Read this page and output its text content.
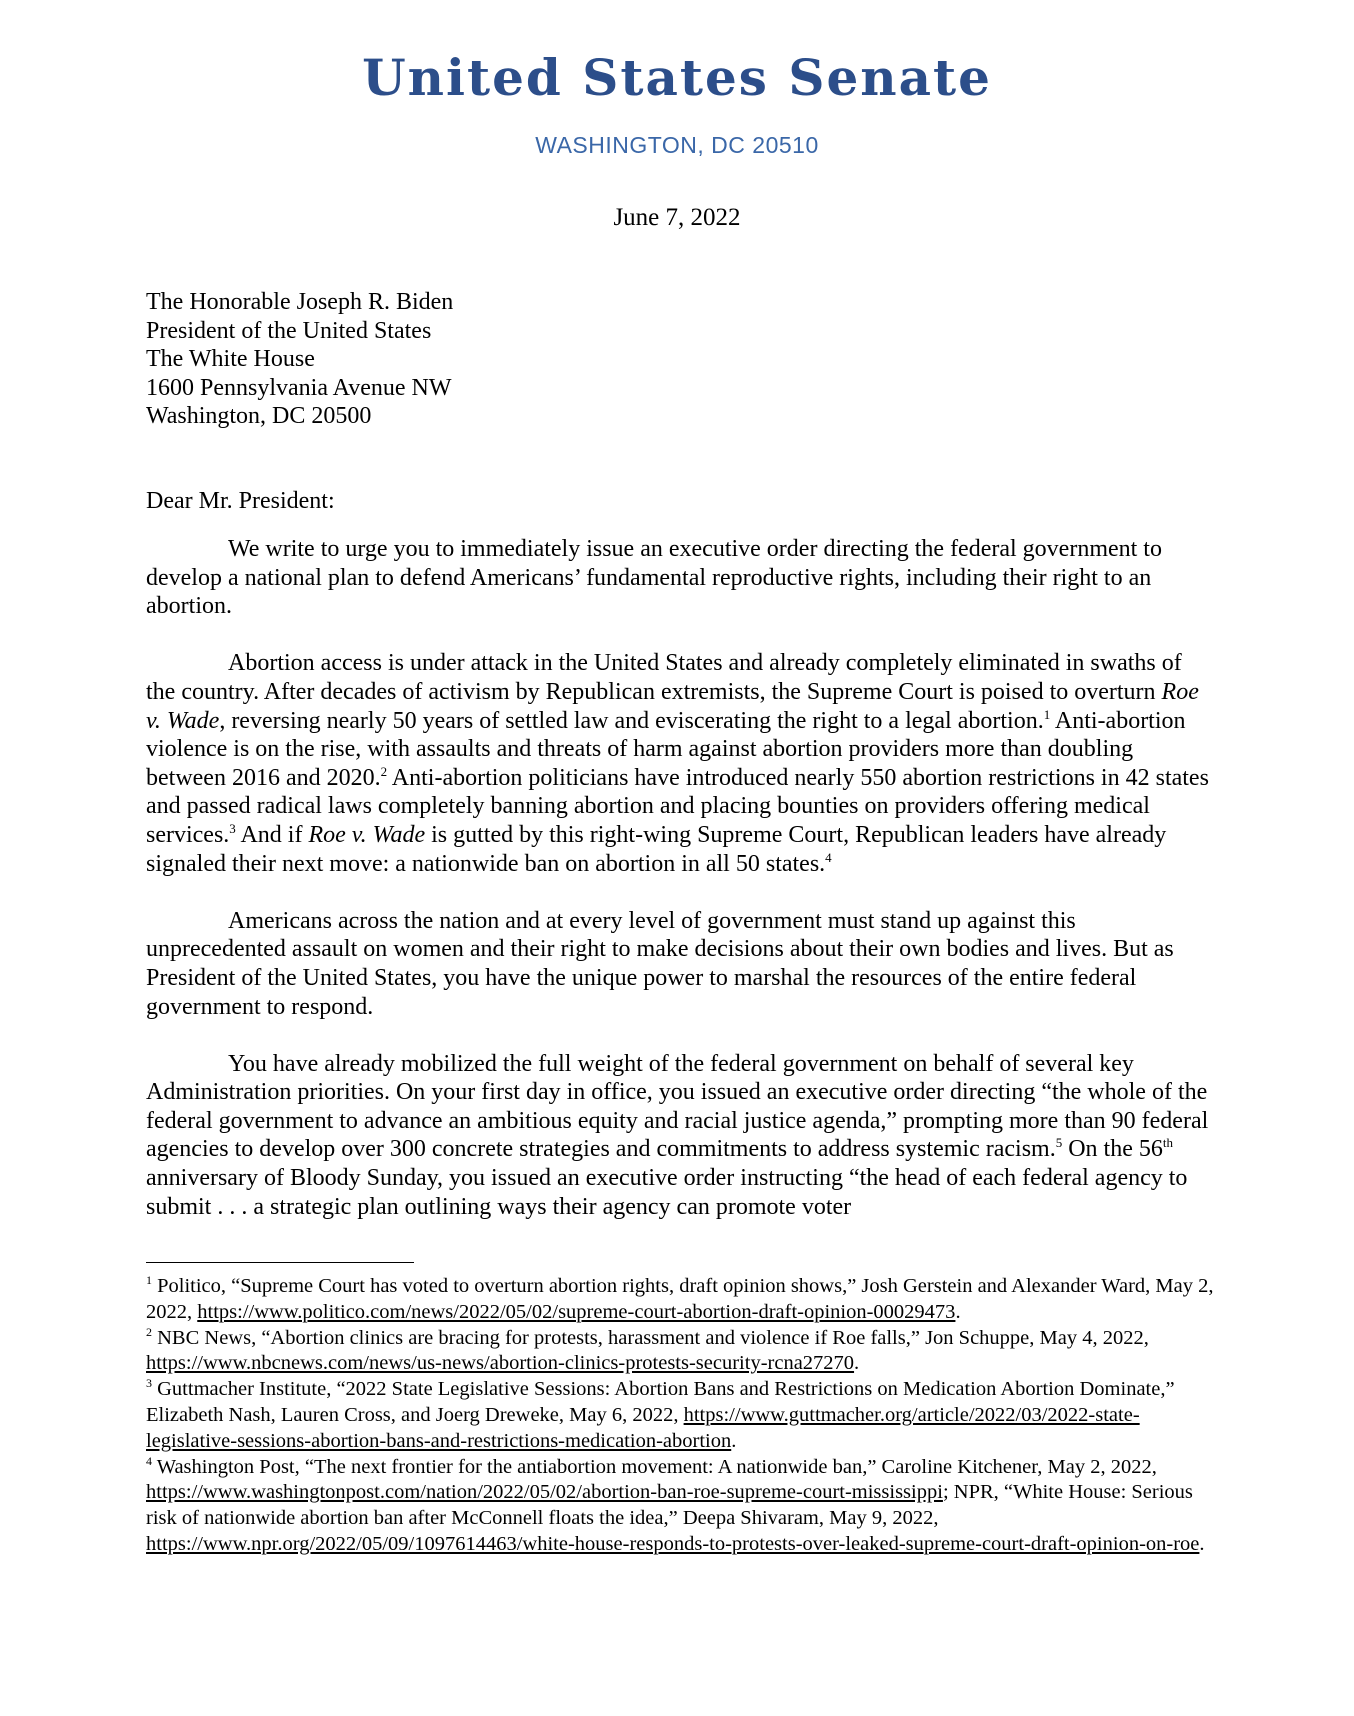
United States Senate
WASHINGTON, DC 20510
June 7, 2022
The Honorable Joseph R. Biden
President of the United States
The White House
1600 Pennsylvania Avenue NW
Washington, DC 20500
Dear Mr. President:

We write to urge you to immediately issue an executive order directing the federal government to develop a national plan to defend Americans’ fundamental reproductive rights, including their right to an abortion.

Abortion access is under attack in the United States and already completely eliminated in swaths of the country. After decades of activism by Republican extremists, the Supreme Court is poised to overturn Roe v. Wade, reversing nearly 50 years of settled law and eviscerating the right to a legal abortion.$^1$ Anti-abortion violence is on the rise, with assaults and threats of harm against abortion providers more than doubling between 2016 and 2020.$^2$ Anti-abortion politicians have introduced nearly 550 abortion restrictions in 42 states and passed radical laws completely banning abortion and placing bounties on providers offering medical services.$^3$ And if Roe v. Wade is gutted by this right-wing Supreme Court, Republican leaders have already signaled their next move: a nationwide ban on abortion in all 50 states.$^4$

Americans across the nation and at every level of government must stand up against this unprecedented assault on women and their right to make decisions about their own bodies and lives. But as President of the United States, you have the unique power to marshal the resources of the entire federal government to respond.

You have already mobilized the full weight of the federal government on behalf of several key Administration priorities. On your first day in office, you issued an executive order directing “the whole of the federal government to advance an ambitious equity and racial justice agenda,” prompting more than 90 federal agencies to develop over 300 concrete strategies and commitments to address systemic racism.$^5$ On the 56th anniversary of Bloody Sunday, you issued an executive order instructing “the head of each federal agency to submit . . . a strategic plan outlining ways their agency can promote voter

$^1$ Politico, “Supreme Court has voted to overturn abortion rights, draft opinion shows,” Josh Gerstein and Alexander Ward, May 2, 2022, https://www.politico.com/news/2022/05/02/supreme-court-abortion-draft-opinion-00029473.

$^2$ NBC News, “Abortion clinics are bracing for protests, harassment and violence if Roe falls,” Jon Schuppe, May 4, 2022, https://www.nbcnews.com/news/us-news/abortion-clinics-protests-security-rcna27270.

$^3$ Guttmacher Institute, “2022 State Legislative Sessions: Abortion Bans and Restrictions on Medication Abortion Dominate,” Elizabeth Nash, Lauren Cross, and Joerg Dreweke, May 6, 2022, https://www.guttmacher.org/article/2022/03/2022-state-legislative-sessions-abortion-bans-and-restrictions-medication-abortion.

$^4$ Washington Post, “The next frontier for the antiabortion movement: A nationwide ban,” Caroline Kitchener, May 2, 2022, https://www.washingtonpost.com/nation/2022/05/02/abortion-ban-roe-supreme-court-mississippi; NPR, “White House: Serious risk of nationwide abortion ban after McConnell floats the idea,” Deepa Shivaram, May 9, 2022, https://www.npr.org/2022/05/09/1097614463/white-house-responds-to-protests-over-leaked-supreme-court-draft-opinion-on-roe.
